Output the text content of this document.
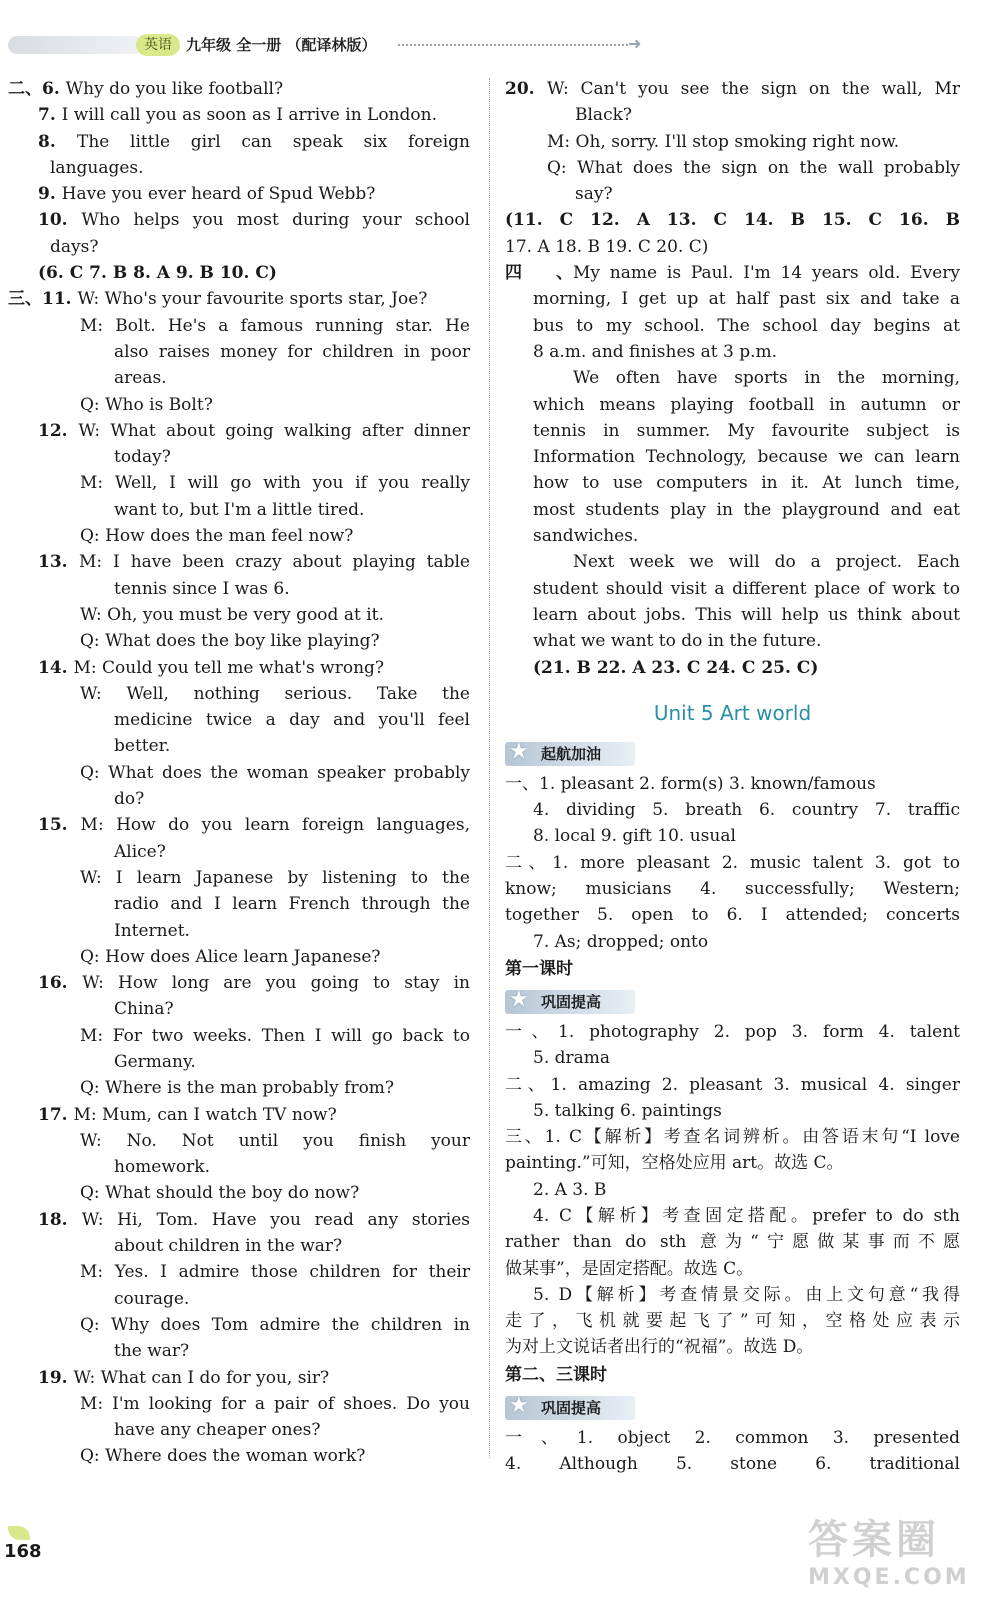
英语 九年级 全一册 （配译林版）	➜
二、6. Why do you like football?
7. I will call you as soon as I arrive in London.
8. The little girl can speak six foreign
languages.
9. Have you ever heard of Spud Webb?
10. Who helps you most during your school
days?
(6. C 7. B 8. A 9. B 10. C)
三、11. W: Who's your favourite sports star, Joe?
M: Bolt. He's a famous running star. He
also raises money for children in poor
areas.
Q: Who is Bolt?
12. W: What about going walking after dinner
today?
M: Well, I will go with you if you really
want to, but I'm a little tired.
Q: How does the man feel now?
13. M: I have been crazy about playing table
tennis since I was 6.
W: Oh, you must be very good at it.
Q: What does the boy like playing?
14. M: Could you tell me what's wrong?
W: Well, nothing serious. Take the
medicine twice a day and you'll feel
better.
Q: What does the woman speaker probably
do?
15. M: How do you learn foreign languages,
Alice?
W: I learn Japanese by listening to the
radio and I learn French through the
Internet.
Q: How does Alice learn Japanese?
16. W: How long are you going to stay in
China?
M: For two weeks. Then I will go back to
Germany.
Q: Where is the man probably from?
17. M: Mum, can I watch TV now?
W: No. Not until you finish your
homework.
Q: What should the boy do now?
18. W: Hi, Tom. Have you read any stories
about children in the war?
M: Yes. I admire those children for their
courage.
Q: Why does Tom admire the children in
the war?
19. W: What can I do for you, sir?
M: I'm looking for a pair of shoes. Do you
have any cheaper ones?
Q: Where does the woman work?
20. W: Can't you see the sign on the wall, Mr
Black?
M: Oh, sorry. I'll stop smoking right now.
Q: What does the sign on the wall probably
say?
(11. C 12. A 13. C 14. B 15. C 16. B
17. A 18. B 19. C 20. C)
四、My name is Paul. I'm 14 years old. Every
morning, I get up at half past six and take a
bus to my school. The school day begins at
8 a.m. and finishes at 3 p.m.
We often have sports in the morning,
which means playing football in autumn or
tennis in summer. My favourite subject is
Information Technology, because we can learn
how to use computers in it. At lunch time,
most students play in the playground and eat
sandwiches.
Next week we will do a project. Each
student should visit a different place of work to
learn about jobs. This will help us think about
what we want to do in the future.
(21. B 22. A 23. C 24. C 25. C)
Unit 5 Art world
★ 起航加油
一、1. pleasant 2. form(s) 3. known/famous
4. dividing 5. breath 6. country 7. traffic
8. local 9. gift 10. usual
二、1. more pleasant 2. music talent 3. got to
know; musicians 4. successfully; Western;
together 5. open to 6. I attended; concerts
7. As; dropped; onto
第一课时
★ 巩固提高
一、1. photography 2. pop 3. form 4. talent
5. drama
二、1. amazing 2. pleasant 3. musical 4. singer
5. talking 6. paintings
三、1. C【解析】考查名词辨析。由答语末句“I love
painting.”可知，空格处应用 art。故选 C。
2. A 3. B
4. C【解析】考查固定搭配。prefer to do sth
rather than do sth 意为“宁愿做某事而不愿
做某事”，是固定搭配。故选 C。
5. D【解析】考查情景交际。由上文句意“我得
走了，飞机就要起飞了”可知，空格处应表示
为对上文说话者出行的“祝福”。故选 D。
第二、三课时
★ 巩固提高
一、1. object 2. common 3. presented
4. Although 5. stone 6. traditional
168	答案圈
MXQE.COM
